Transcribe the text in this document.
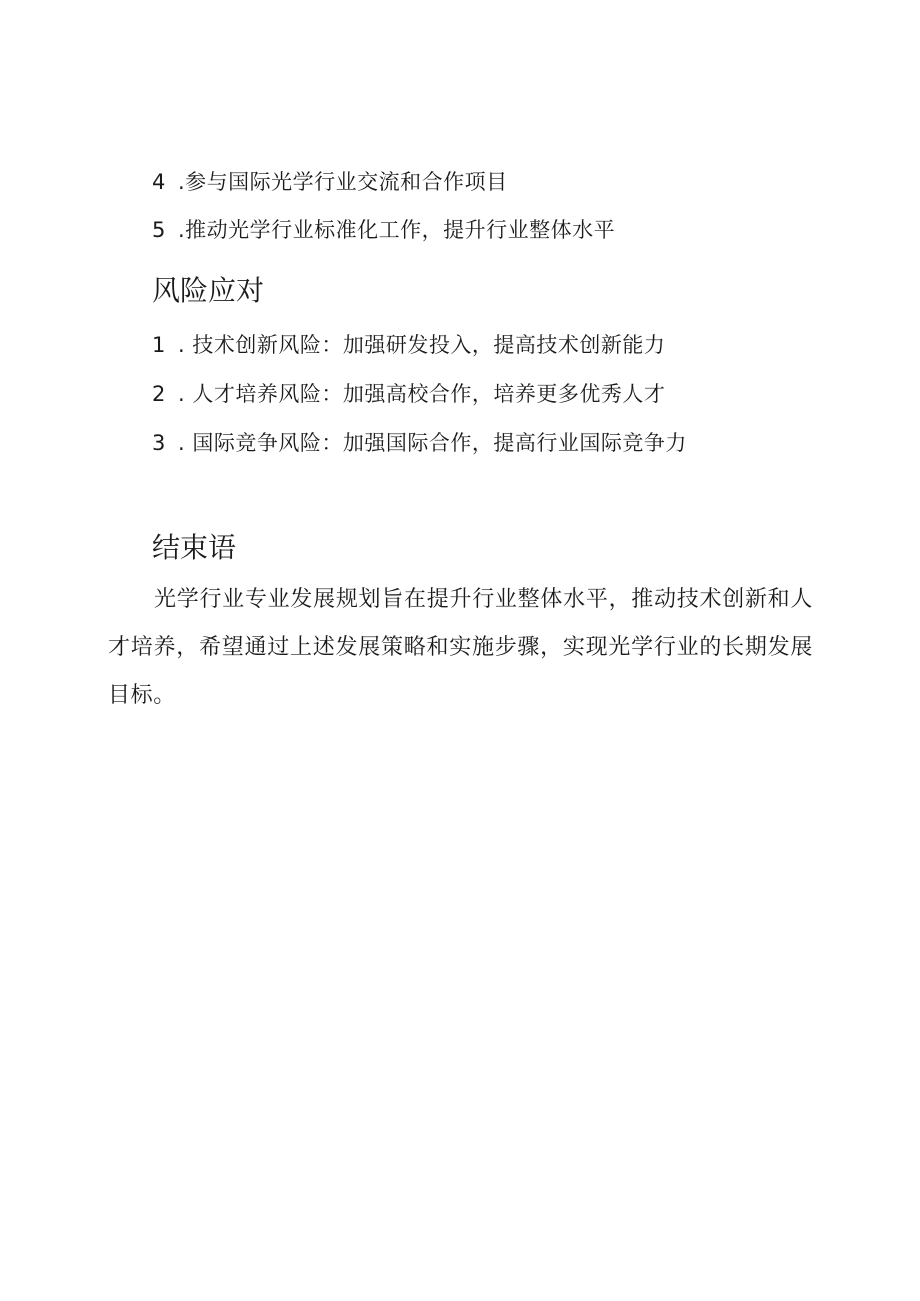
4 .参与国际光学行业交流和合作项目
5 .推动光学行业标准化工作，提升行业整体水平
风险应对
1 . 技术创新风险：加强研发投入，提高技术创新能力
2 . 人才培养风险：加强高校合作，培养更多优秀人才
3 . 国际竞争风险：加强国际合作，提高行业国际竞争力
结束语

光学行业专业发展规划旨在提升行业整体水平，推动技术创新和人才培养，希望通过上述发展策略和实施步骤，实现光学行业的长期发展目标。
